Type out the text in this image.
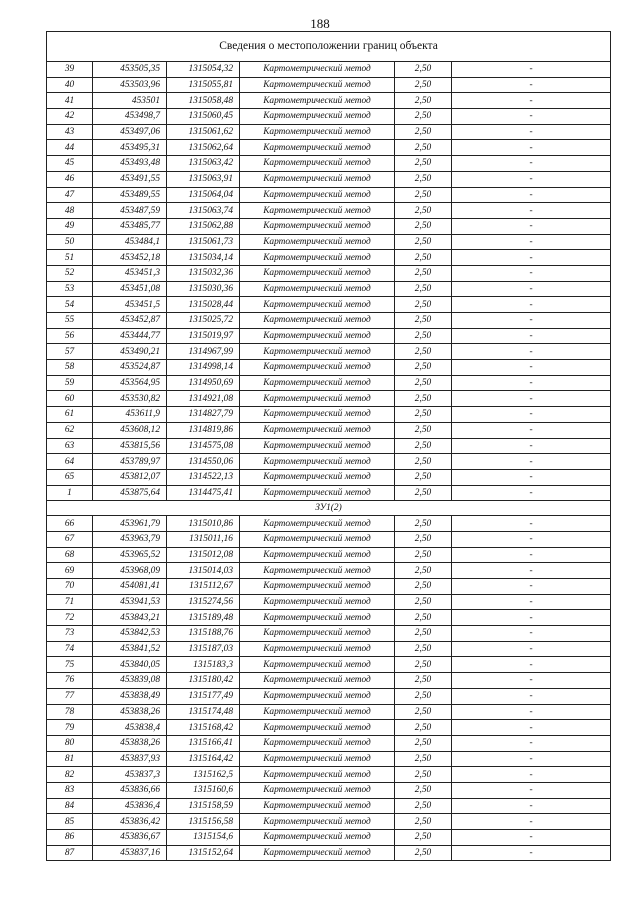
188
Сведения о местоположении границ объекта					
39	453505,35	1315054,32	Картометрический метод	2,50	-
40	453503,96	1315055,81	Картометрический метод	2,50	-
41	453501	1315058,48	Картометрический метод	2,50	-
42	453498,7	1315060,45	Картометрический метод	2,50	-
43	453497,06	1315061,62	Картометрический метод	2,50	-
44	453495,31	1315062,64	Картометрический метод	2,50	-
45	453493,48	1315063,42	Картометрический метод	2,50	-
46	453491,55	1315063,91	Картометрический метод	2,50	-
47	453489,55	1315064,04	Картометрический метод	2,50	-
48	453487,59	1315063,74	Картометрический метод	2,50	-
49	453485,77	1315062,88	Картометрический метод	2,50	-
50	453484,1	1315061,73	Картометрический метод	2,50	-
51	453452,18	1315034,14	Картометрический метод	2,50	-
52	453451,3	1315032,36	Картометрический метод	2,50	-
53	453451,08	1315030,36	Картометрический метод	2,50	-
54	453451,5	1315028,44	Картометрический метод	2,50	-
55	453452,87	1315025,72	Картометрический метод	2,50	-
56	453444,77	1315019,97	Картометрический метод	2,50	-
57	453490,21	1314967,99	Картометрический метод	2,50	-
58	453524,87	1314998,14	Картометрический метод	2,50	-
59	453564,95	1314950,69	Картометрический метод	2,50	-
60	453530,82	1314921,08	Картометрический метод	2,50	-
61	453611,9	1314827,79	Картометрический метод	2,50	-
62	453608,12	1314819,86	Картометрический метод	2,50	-
63	453815,56	1314575,08	Картометрический метод	2,50	-
64	453789,97	1314550,06	Картометрический метод	2,50	-
65	453812,07	1314522,13	Картометрический метод	2,50	-
1	453875,64	1314475,41	Картометрический метод	2,50	-
ЗУ1(2)					
66	453961,79	1315010,86	Картометрический метод	2,50	-
67	453963,79	1315011,16	Картометрический метод	2,50	-
68	453965,52	1315012,08	Картометрический метод	2,50	-
69	453968,09	1315014,03	Картометрический метод	2,50	-
70	454081,41	1315112,67	Картометрический метод	2,50	-
71	453941,53	1315274,56	Картометрический метод	2,50	-
72	453843,21	1315189,48	Картометрический метод	2,50	-
73	453842,53	1315188,76	Картометрический метод	2,50	-
74	453841,52	1315187,03	Картометрический метод	2,50	-
75	453840,05	1315183,3	Картометрический метод	2,50	-
76	453839,08	1315180,42	Картометрический метод	2,50	-
77	453838,49	1315177,49	Картометрический метод	2,50	-
78	453838,26	1315174,48	Картометрический метод	2,50	-
79	453838,4	1315168,42	Картометрический метод	2,50	-
80	453838,26	1315166,41	Картометрический метод	2,50	-
81	453837,93	1315164,42	Картометрический метод	2,50	-
82	453837,3	1315162,5	Картометрический метод	2,50	-
83	453836,66	1315160,6	Картометрический метод	2,50	-
84	453836,4	1315158,59	Картометрический метод	2,50	-
85	453836,42	1315156,58	Картометрический метод	2,50	-
86	453836,67	1315154,6	Картометрический метод	2,50	-
87	453837,16	1315152,64	Картометрический метод	2,50	-
